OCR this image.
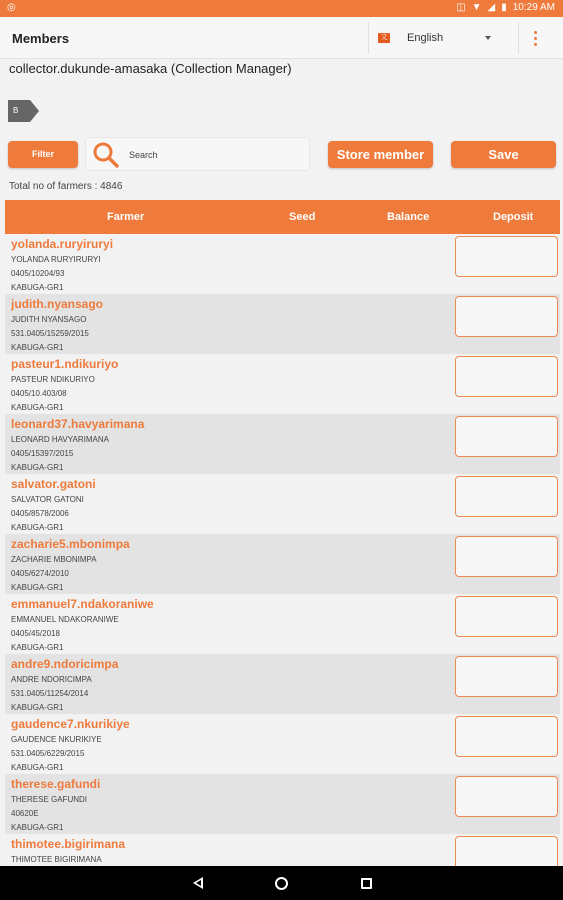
◎	◫ ▼ ◢ ▮ 10:29 AM
Members	文 English
collector.dukunde-amasaka (Collection Manager)
B
Filter	Search	Store member	Save
Total no of farmers : 4846
Farmer	Seed	Balance	Deposit
yolanda.ruryiruryi
YOLANDA RURYIRURYI
0405/10204/93
KABUGA-GR1
judith.nyansago
JUDITH NYANSAGO
531.0405/15259/2015
KABUGA-GR1
pasteur1.ndikuriyo
PASTEUR NDIKURIYO
0405/10.403/08
KABUGA-GR1
leonard37.havyarimana
LEONARD HAVYARIMANA
0405/15397/2015
KABUGA-GR1
salvator.gatoni
SALVATOR GATONI
0405/8578/2006
KABUGA-GR1
zacharie5.mbonimpa
ZACHARIE MBONIMPA
0405/6274/2010
KABUGA-GR1
emmanuel7.ndakoraniwe
EMMANUEL NDAKORANIWE
0405/45/2018
KABUGA-GR1
andre9.ndoricimpa
ANDRE NDORICIMPA
531.0405/11254/2014
KABUGA-GR1
gaudence7.nkurikiye
GAUDENCE NKURIKIYE
531.0405/6229/2015
KABUGA-GR1
therese.gafundi
THERESE GAFUNDI
40620E
KABUGA-GR1
thimotee.bigirimana
THIMOTEE BIGIRIMANA
